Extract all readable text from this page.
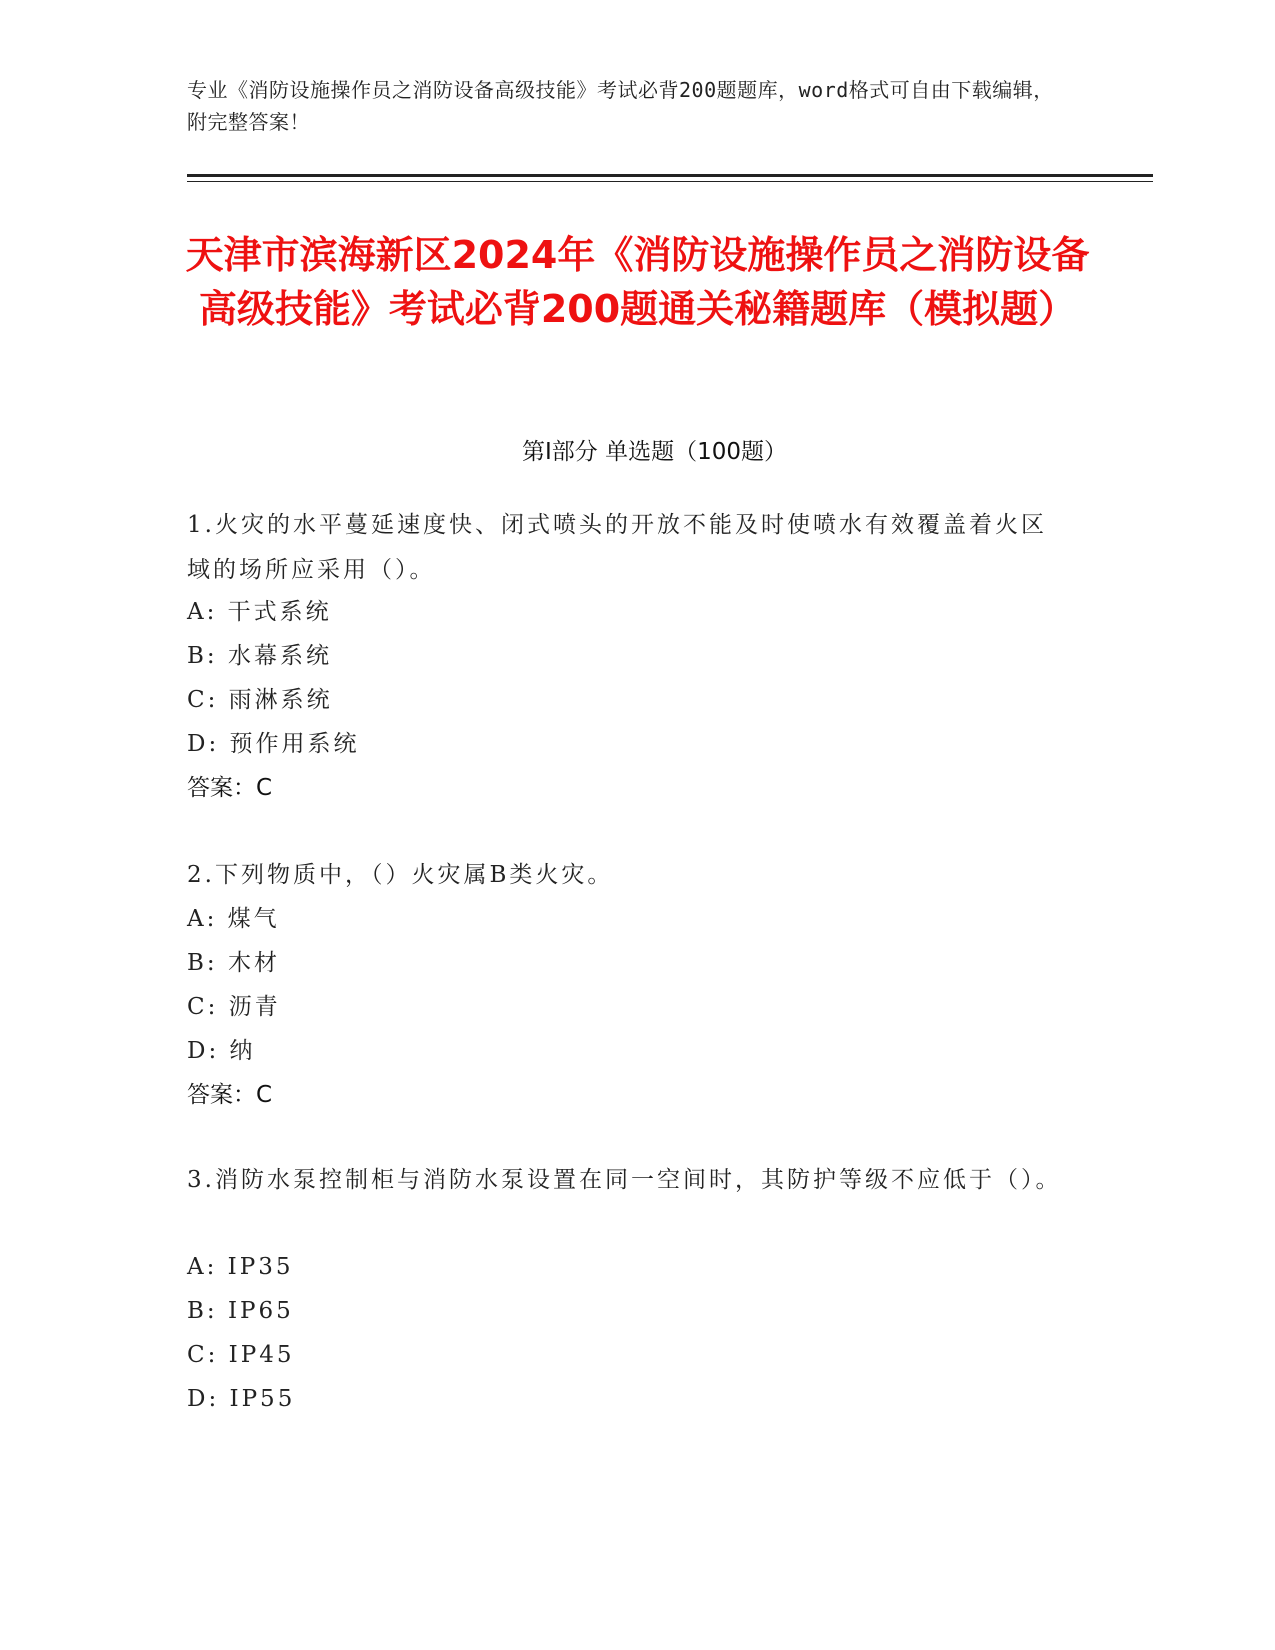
专业《消防设施操作员之消防设备高级技能》考试必背200题题库，word格式可自由下载编辑，附完整答案！
天津市滨海新区2024年《消防设施操作员之消防设备高级技能》考试必背200题通关秘籍题库（模拟题）
第I部分 单选题（100题）
1.火灾的水平蔓延速度快、闭式喷头的开放不能及时使喷水有效覆盖着火区域的场所应采用（）。
A: 干式系统
B: 水幕系统
C: 雨淋系统
D: 预作用系统
答案：C
2.下列物质中，（）火灾属B类火灾。
A: 煤气
B: 木材
C: 沥青
D: 纳
答案：C
3.消防水泵控制柜与消防水泵设置在同一空间时，其防护等级不应低于（）。
A: IP35
B: IP65
C: IP45
D: IP55
